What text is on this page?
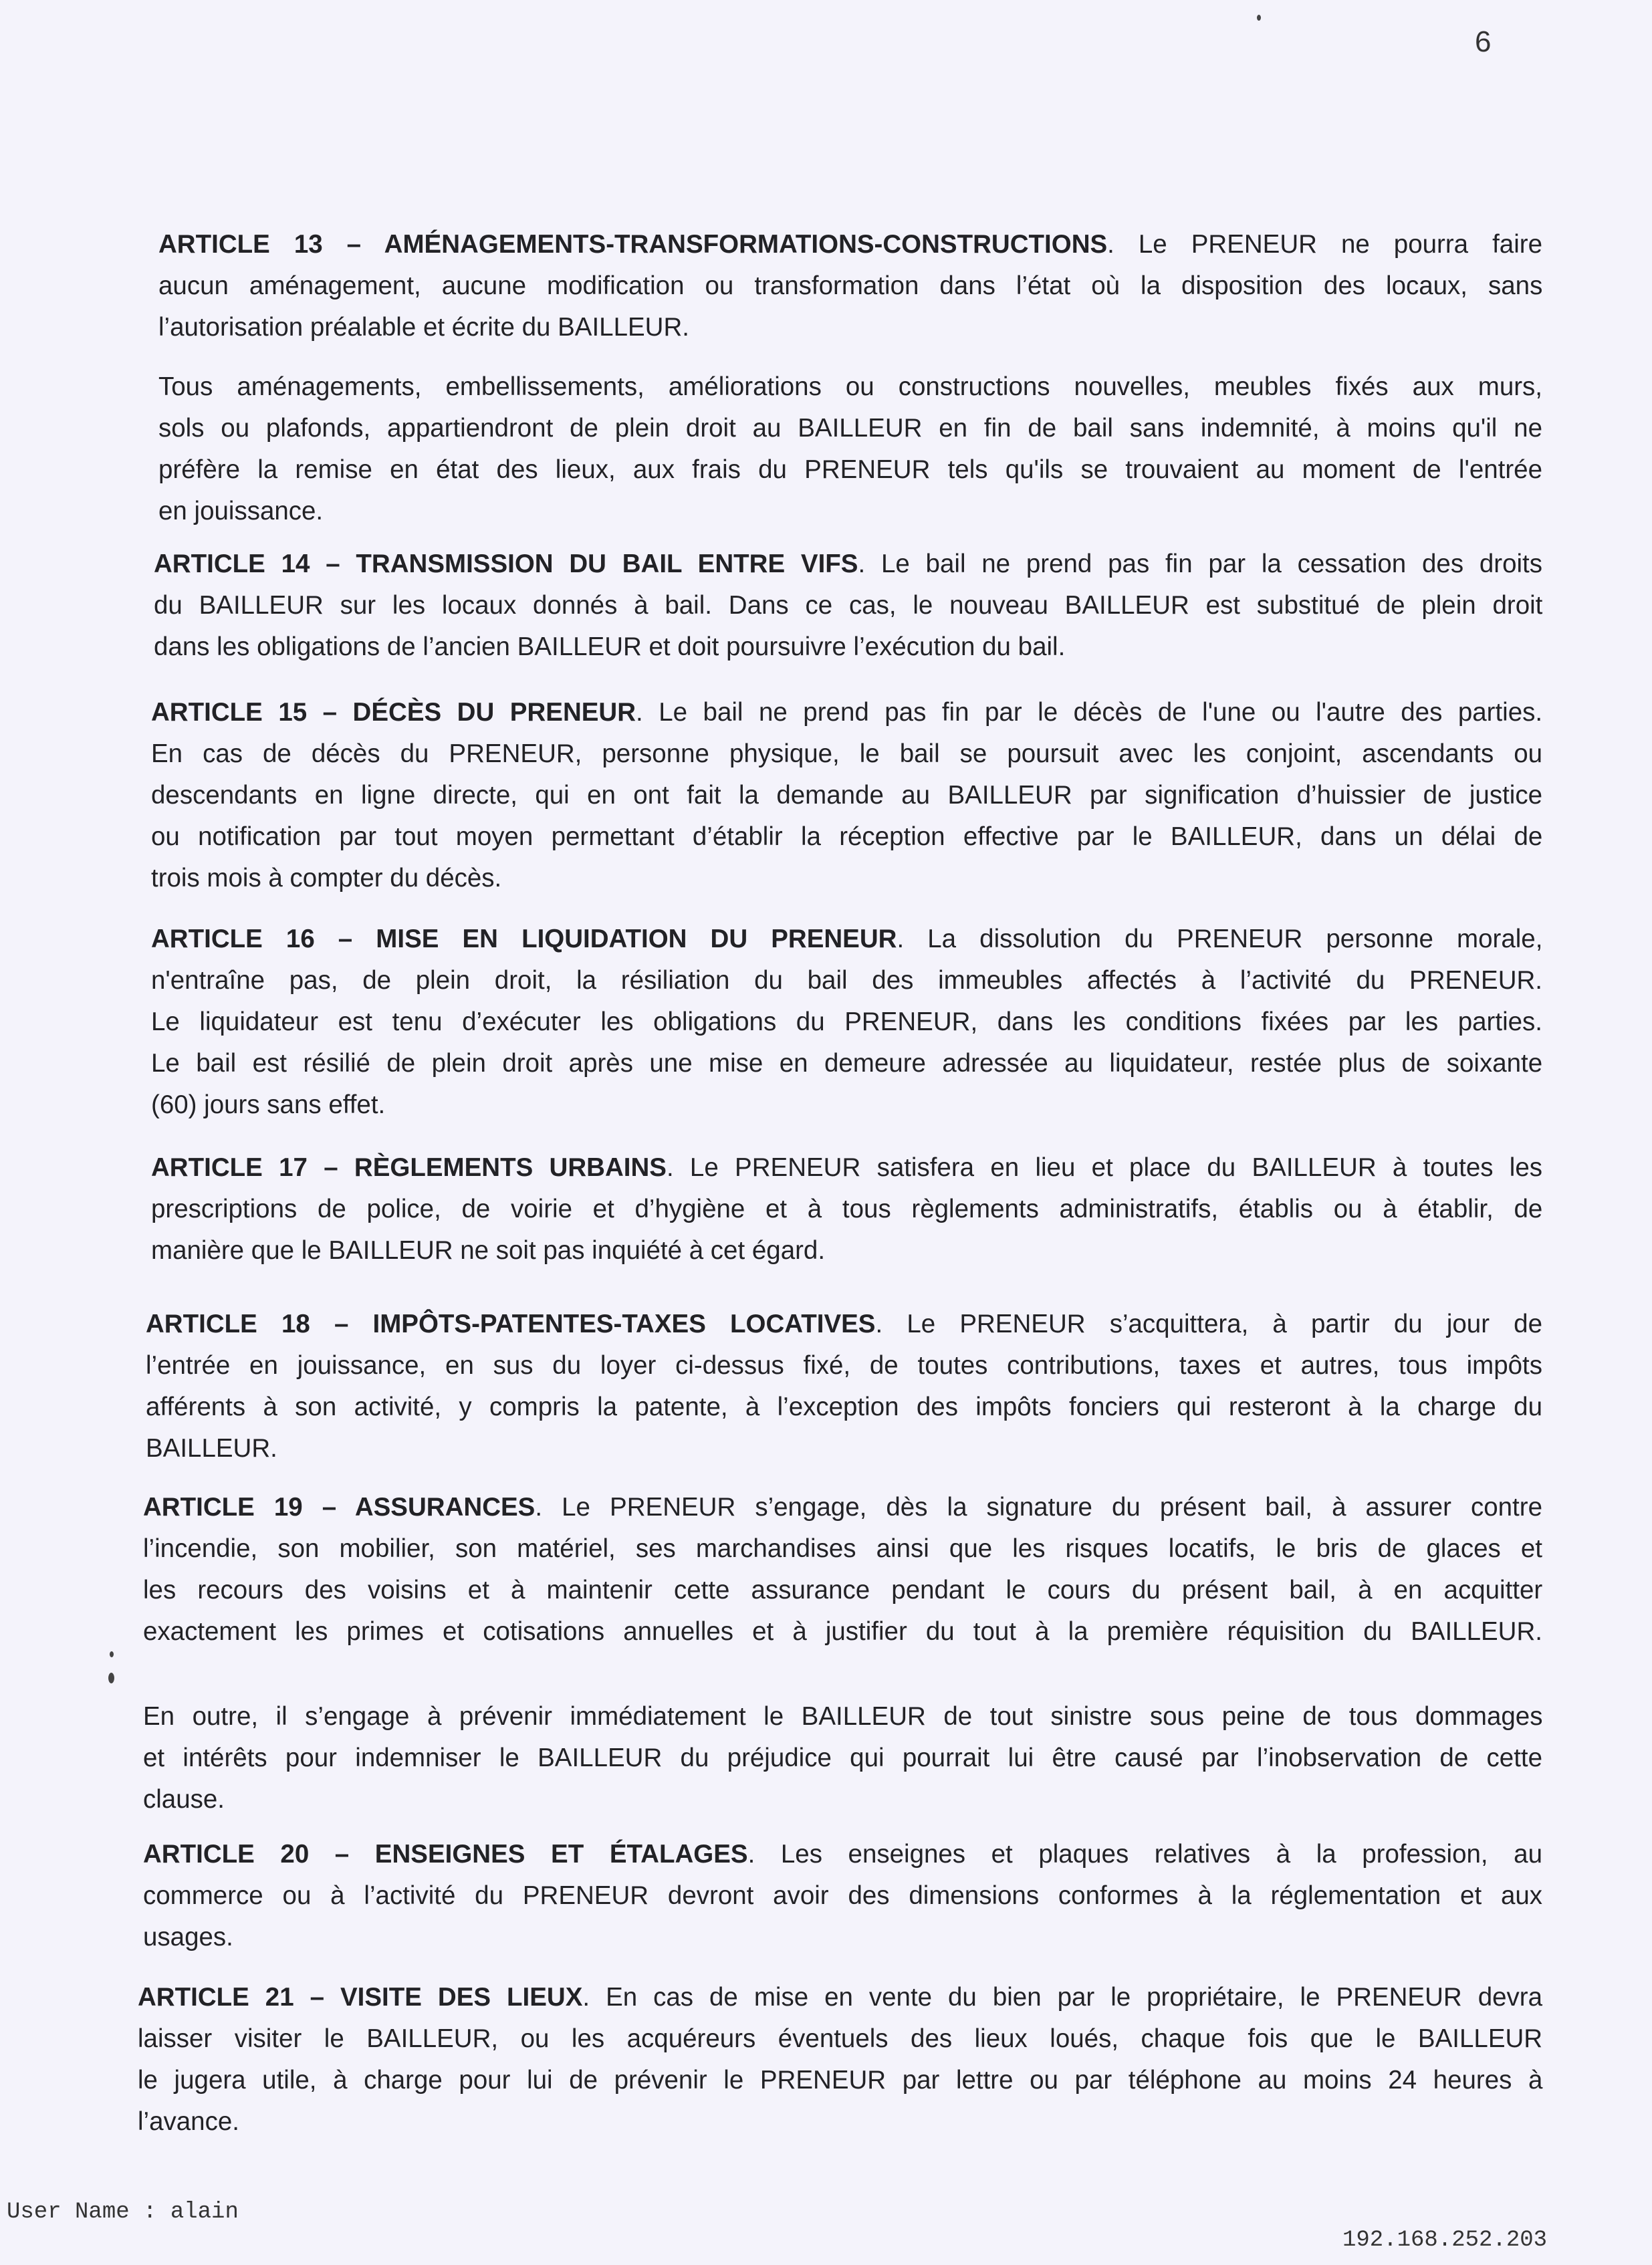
6
ARTICLE 13 – AMÉNAGEMENTS-TRANSFORMATIONS-CONSTRUCTIONS. Le PRENEUR ne pourra faire
aucun aménagement, aucune modification ou transformation dans l’état où la disposition des locaux, sans
l’autorisation préalable et écrite du BAILLEUR.
Tous aménagements, embellissements, améliorations ou constructions nouvelles, meubles fixés aux murs,
sols ou plafonds, appartiendront de plein droit au BAILLEUR en fin de bail sans indemnité, à moins qu'il ne
préfère la remise en état des lieux, aux frais du PRENEUR tels qu'ils se trouvaient au moment de l'entrée
en jouissance.
ARTICLE 14 – TRANSMISSION DU BAIL ENTRE VIFS. Le bail ne prend pas fin par la cessation des droits
du BAILLEUR sur les locaux donnés à bail. Dans ce cas, le nouveau BAILLEUR est substitué de plein droit
dans les obligations de l’ancien BAILLEUR et doit poursuivre l’exécution du bail.
ARTICLE 15 – DÉCÈS DU PRENEUR. Le bail ne prend pas fin par le décès de l'une ou l'autre des parties.
En cas de décès du PRENEUR, personne physique, le bail se poursuit avec les conjoint, ascendants ou
descendants en ligne directe, qui en ont fait la demande au BAILLEUR par signification d’huissier de justice
ou notification par tout moyen permettant d’établir la réception effective par le BAILLEUR, dans un délai de
trois mois à compter du décès.
ARTICLE 16 – MISE EN LIQUIDATION DU PRENEUR. La dissolution du PRENEUR personne morale,
n'entraîne pas, de plein droit, la résiliation du bail des immeubles affectés à l’activité du PRENEUR.
Le liquidateur est tenu d’exécuter les obligations du PRENEUR, dans les conditions fixées par les parties.
Le bail est résilié de plein droit après une mise en demeure adressée au liquidateur, restée plus de soixante
(60) jours sans effet.
ARTICLE 17 – RÈGLEMENTS URBAINS. Le PRENEUR satisfera en lieu et place du BAILLEUR à toutes les
prescriptions de police, de voirie et d’hygiène et à tous règlements administratifs, établis ou à établir, de
manière que le BAILLEUR ne soit pas inquiété à cet égard.
ARTICLE 18 – IMPÔTS-PATENTES-TAXES LOCATIVES. Le PRENEUR s’acquittera, à partir du jour de
l’entrée en jouissance, en sus du loyer ci-dessus fixé, de toutes contributions, taxes et autres, tous impôts
afférents à son activité, y compris la patente, à l’exception des impôts fonciers qui resteront à la charge du
BAILLEUR.
ARTICLE 19 – ASSURANCES. Le PRENEUR s’engage, dès la signature du présent bail, à assurer contre
l’incendie, son mobilier, son matériel, ses marchandises ainsi que les risques locatifs, le bris de glaces et
les recours des voisins et à maintenir cette assurance pendant le cours du présent bail, à en acquitter
exactement les primes et cotisations annuelles et à justifier du tout à la première réquisition du BAILLEUR.
En outre, il s’engage à prévenir immédiatement le BAILLEUR de tout sinistre sous peine de tous dommages
et intérêts pour indemniser le BAILLEUR du préjudice qui pourrait lui être causé par l’inobservation de cette
clause.
ARTICLE 20 – ENSEIGNES ET ÉTALAGES. Les enseignes et plaques relatives à la profession, au
commerce ou à l’activité du PRENEUR devront avoir des dimensions conformes à la réglementation et aux
usages.
ARTICLE 21 – VISITE DES LIEUX. En cas de mise en vente du bien par le propriétaire, le PRENEUR devra
laisser visiter le BAILLEUR, ou les acquéreurs éventuels des lieux loués, chaque fois que le BAILLEUR
le jugera utile, à charge pour lui de prévenir le PRENEUR par lettre ou par téléphone au moins 24 heures à
l’avance.
User Name : alain
192.168.252.203
